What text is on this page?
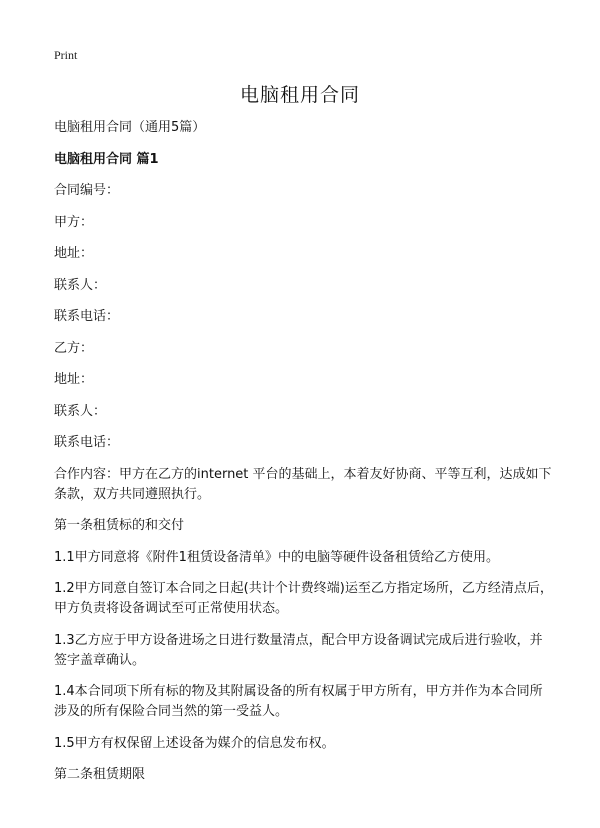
Print
电脑租用合同

电脑租用合同（通用5篇）

电脑租用合同 篇1

合同编号：

甲方：

地址：

联系人：

联系电话：

乙方：

地址：

联系人：

联系电话：

合作内容：甲方在乙方的internet 平台的基础上，本着友好协商、平等互利，达成如下条款，双方共同遵照执行。

第一条租赁标的和交付

1.1甲方同意将《附件1租赁设备清单》中的电脑等硬件设备租赁给乙方使用。

1.2甲方同意自签订本合同之日起(共计个计费终端)运至乙方指定场所，乙方经清点后，甲方负责将设备调试至可正常使用状态。

1.3乙方应于甲方设备进场之日进行数量清点，配合甲方设备调试完成后进行验收，并签字盖章确认。

1.4本合同项下所有标的物及其附属设备的所有权属于甲方所有，甲方并作为本合同所涉及的所有保险合同当然的第一受益人。

1.5甲方有权保留上述设备为媒介的信息发布权。

第二条租赁期限
